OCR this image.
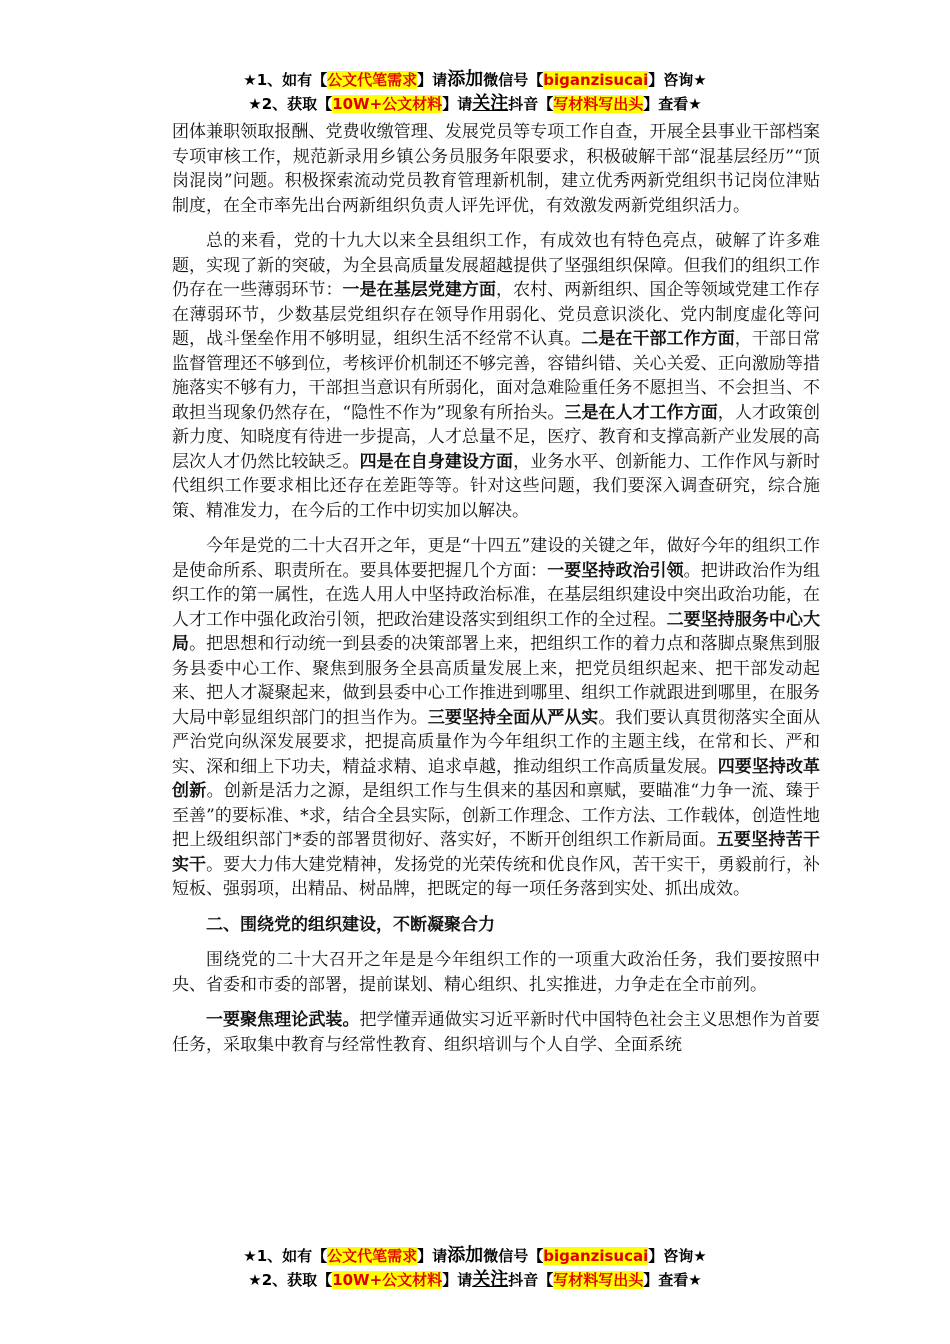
★1、如有【公文代笔需求】请添加微信号【biganzisucai】咨询★
★2、获取【10W+公文材料】请关注抖音【写材料写出头】查看★

团体兼职领取报酬、党费收缴管理、发展党员等专项工作自查，开展全县事业干部档案专项审核工作，规范新录用乡镇公务员服务年限要求，积极破解干部“混基层经历”“顶岗混岗”问题。积极探索流动党员教育管理新机制，建立优秀两新党组织书记岗位津贴制度，在全市率先出台两新组织负责人评先评优，有效激发两新党组织活力。

总的来看，党的十九大以来全县组织工作，有成效也有特色亮点，破解了许多难题，实现了新的突破，为全县高质量发展超越提供了坚强组织保障。但我们的组织工作仍存在一些薄弱环节：一是在基层党建方面，农村、两新组织、国企等领域党建工作存在薄弱环节，少数基层党组织存在领导作用弱化、党员意识淡化、党内制度虚化等问题，战斗堡垒作用不够明显，组织生活不经常不认真。二是在干部工作方面，干部日常监督管理还不够到位，考核评价机制还不够完善，容错纠错、关心关爱、正向激励等措施落实不够有力，干部担当意识有所弱化，面对急难险重任务不愿担当、不会担当、不敢担当现象仍然存在，“隐性不作为”现象有所抬头。三是在人才工作方面，人才政策创新力度、知晓度有待进一步提高，人才总量不足，医疗、教育和支撑高新产业发展的高层次人才仍然比较缺乏。四是在自身建设方面，业务水平、创新能力、工作作风与新时代组织工作要求相比还存在差距等等。针对这些问题，我们要深入调查研究，综合施策、精准发力，在今后的工作中切实加以解决。

今年是党的二十大召开之年，更是“十四五”建设的关键之年，做好今年的组织工作是使命所系、职责所在。要具体要把握几个方面：一要坚持政治引领。把讲政治作为组织工作的第一属性，在选人用人中坚持政治标准，在基层组织建设中突出政治功能，在人才工作中强化政治引领，把政治建设落实到组织工作的全过程。二要坚持服务中心大局。把思想和行动统一到县委的决策部署上来，把组织工作的着力点和落脚点聚焦到服务县委中心工作、聚焦到服务全县高质量发展上来，把党员组织起来、把干部发动起来、把人才凝聚起来，做到县委中心工作推进到哪里、组织工作就跟进到哪里，在服务大局中彰显组织部门的担当作为。三要坚持全面从严从实。我们要认真贯彻落实全面从严治党向纵深发展要求，把提高质量作为今年组织工作的主题主线，在常和长、严和实、深和细上下功夫，精益求精、追求卓越，推动组织工作高质量发展。四要坚持改革创新。创新是活力之源，是组织工作与生俱来的基因和禀赋，要瞄准“力争一流、臻于至善”的要标准、*求，结合全县实际，创新工作理念、工作方法、工作载体，创造性地把上级组织部门*委的部署贯彻好、落实好，不断开创组织工作新局面。五要坚持苦干实干。要大力伟大建党精神，发扬党的光荣传统和优良作风，苦干实干，勇毅前行，补短板、强弱项，出精品、树品牌，把既定的每一项任务落到实处、抓出成效。

二、围绕党的组织建设，不断凝聚合力

围绕党的二十大召开之年是是今年组织工作的一项重大政治任务，我们要按照中央、省委和市委的部署，提前谋划、精心组织、扎实推进，力争走在全市前列。

一要聚焦理论武装。把学懂弄通做实习近平新时代中国特色社会主义思想作为首要任务，采取集中教育与经常性教育、组织培训与个人自学、全面系统

★1、如有【公文代笔需求】请添加微信号【biganzisucai】咨询★
★2、获取【10W+公文材料】请关注抖音【写材料写出头】查看★
